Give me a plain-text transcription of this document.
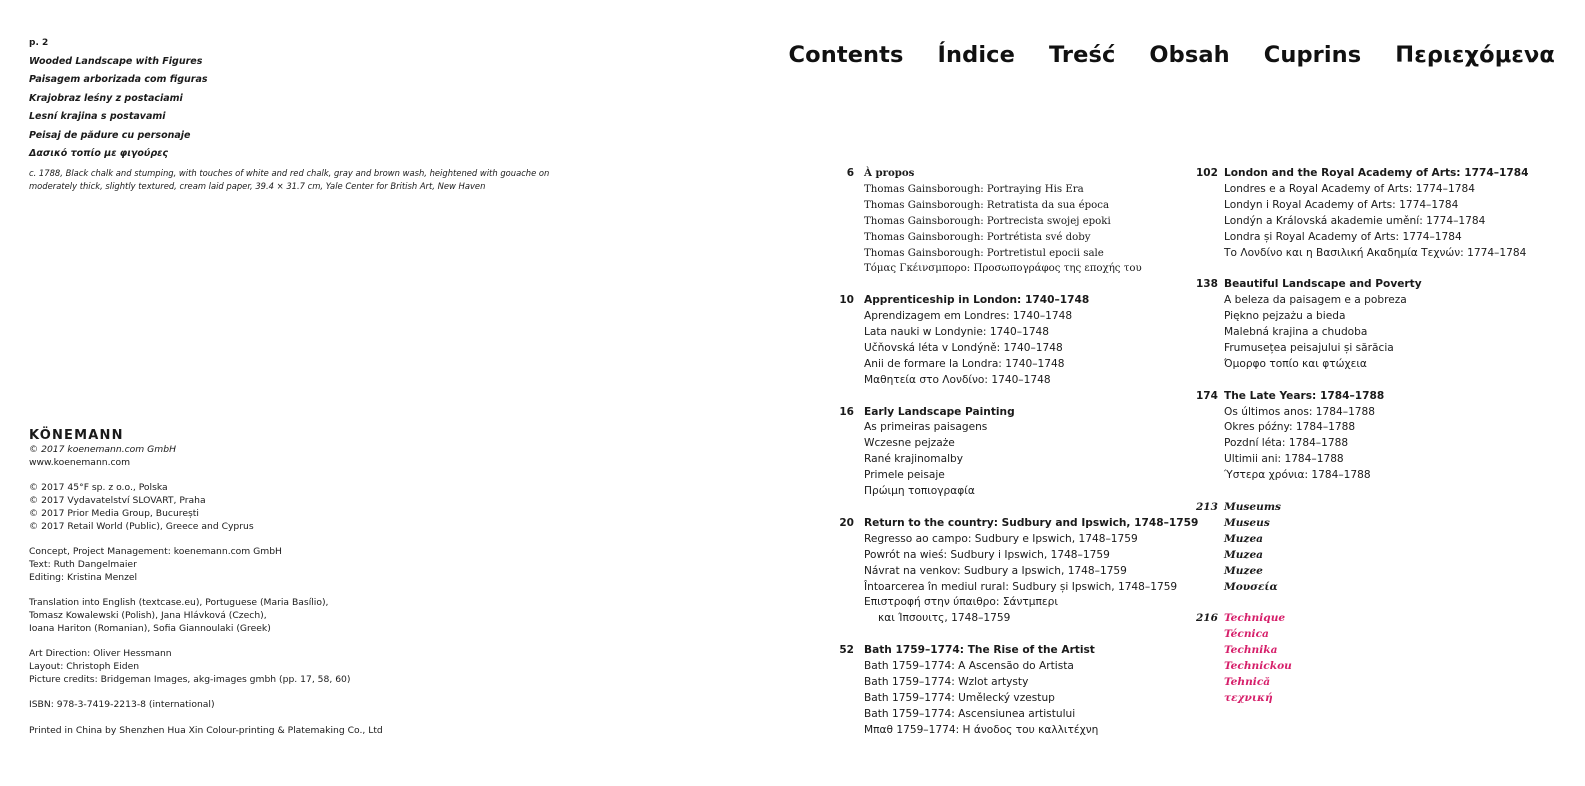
p. 2
Wooded Landscape with Figures
Paisagem arborizada com figuras
Krajobraz leśny z postaciami
Lesní krajina s postavami
Peisaj de pădure cu personaje
Δασικό τοπίο με φιγούρες
c. 1788, Black chalk and stumping, with touches of white and red chalk, gray and brown wash, heightened with gouache on moderately thick, slightly textured, cream laid paper, 39.4 × 31.7 cm, Yale Center for British Art, New Haven
KÖNEMANN
© 2017 koenemann.com GmbH
www.koenemann.com
© 2017 45°F sp. z o.o., Polska
© 2017 Vydavatelství SLOVART, Praha
© 2017 Prior Media Group, București
© 2017 Retail World (Public), Greece and Cyprus
Concept, Project Management: koenemann.com GmbH
Text: Ruth Dangelmaier
Editing: Kristina Menzel
Translation into English (textcase.eu), Portuguese (Maria Basílio),
Tomasz Kowalewski (Polish), Jana Hlávková (Czech),
Ioana Hariton (Romanian), Sofia Giannoulaki (Greek)
Art Direction: Oliver Hessmann
Layout: Christoph Eiden
Picture credits: Bridgeman Images, akg-images gmbh (pp. 17, 58, 60)
ISBN: 978-3-7419-2213-8 (international)
Printed in China by Shenzhen Hua Xin Colour-printing & Platemaking Co., Ltd
Contents Índice Treść Obsah Cuprins Περιεχόμενα
6 À propos
Thomas Gainsborough: Portraying His Era
Thomas Gainsborough: Retratista da sua época
Thomas Gainsborough: Portrecista swojej epoki
Thomas Gainsborough: Portrétista své doby
Thomas Gainsborough: Portretistul epocii sale
Τόμας Γκέινσμπορο: Προσωπογράφος της εποχής του
10 Apprenticeship in London: 1740–1748
Aprendizagem em Londres: 1740–1748
Lata nauki w Londynie: 1740–1748
Učňovská léta v Londýně: 1740–1748
Anii de formare la Londra: 1740–1748
Μαθητεία στο Λονδίνο: 1740–1748
16 Early Landscape Painting
As primeiras paisagens
Wczesne pejzaże
Rané krajinomalby
Primele peisaje
Πρώιμη τοπιογραφία
20 Return to the country: Sudbury and Ipswich, 1748–1759
Regresso ao campo: Sudbury e Ipswich, 1748–1759
Powrót na wieś: Sudbury i Ipswich, 1748–1759
Návrat na venkov: Sudbury a Ipswich, 1748–1759
Întoarcerea în mediul rural: Sudbury și Ipswich, 1748–1759
Επιστροφή στην ύπαιθρο: Σάντμπερι
και Ίπσουιτς, 1748–1759
52 Bath 1759–1774: The Rise of the Artist
Bath 1759–1774: A Ascensão do Artista
Bath 1759–1774: Wzlot artysty
Bath 1759–1774: Umělecký vzestup
Bath 1759–1774: Ascensiunea artistului
Μπαθ 1759–1774: Η άνοδος του καλλιτέχνη
102 London and the Royal Academy of Arts: 1774–1784
Londres e a Royal Academy of Arts: 1774–1784
Londyn i Royal Academy of Arts: 1774–1784
Londýn a Královská akademie umění: 1774–1784
Londra și Royal Academy of Arts: 1774–1784
Το Λονδίνο και η Βασιλική Ακαδημία Τεχνών: 1774–1784
138 Beautiful Landscape and Poverty
A beleza da paisagem e a pobreza
Piękno pejzażu a bieda
Malebná krajina a chudoba
Frumusețea peisajului și sărăcia
Όμορφο τοπίο και φτώχεια
174 The Late Years: 1784–1788
Os últimos anos: 1784–1788
Okres późny: 1784–1788
Pozdní léta: 1784–1788
Ultimii ani: 1784–1788
Ύστερα χρόνια: 1784–1788
213 Museums
Museus
Muzea
Muzea
Muzee
Μουσεία
216 Technique
Técnica
Technika
Technickou
Tehnică
τεχνική
